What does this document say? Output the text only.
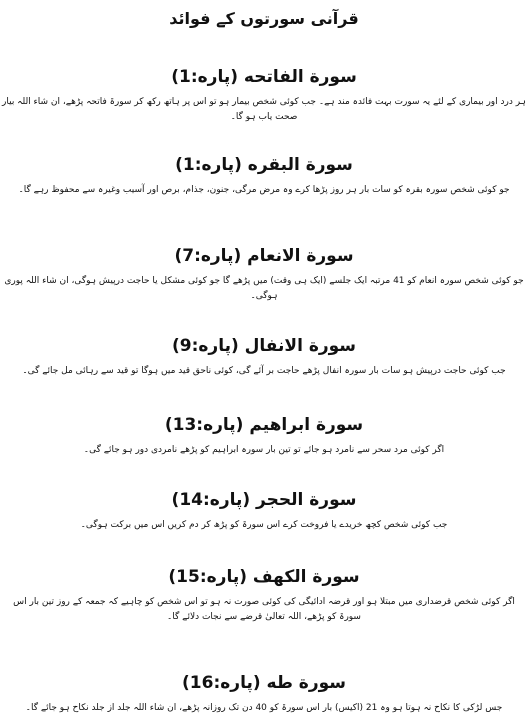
قرآنی سورتوں کے فوائد
سورة الفاتحه (پاره:1)

ہر درد اور بیماری کے لئے یہ سورت بہت فائدہ مند ہے۔ جب کوئی شخص بیمار ہو تو اس پر ہاتھ رکھ کر سورۃ فاتحہ پڑھے، ان شاء اللہ بیار صحت یاب ہو گا۔

سورة البقره (پاره:1)

جو کوئی شخص سورہ بقرہ کو سات بار ہر روز پڑھا کرے وہ مرض مرگی، جنون، جذام، برص اور آسیب وغیرہ سے محفوظ رہے گا۔

سورة الانعام (پاره:7)

جو کوئی شخص سورہ انعام کو 41 مرتبہ ایک جلسے (ایک ہی وقت) میں پڑھے گا جو کوئی مشکل یا حاجت درپیش ہوگی، ان شاء اللہ پوری ہوگی۔

سورة الانفال (پاره:9)

جب کوئی حاجت درپیش ہو سات بار سورہ انفال پڑھے حاجت بر آئے گی، کوئی ناحق قید میں ہوگا تو قید سے رہائی مل جائے گی۔

سورة ابراهيم (پاره:13)

اگر کوئی مرد سحر سے نامرد ہو جائے تو تین بار سورہ ابراہیم کو پڑھے نامردی دور ہو جائے گی۔

سورة الحجر (پاره:14)

جب کوئی شخص کچھ خریدے یا فروخت کرے اس سورۃ کو پڑھ کر دم کریں اس میں برکت ہوگی۔

سورة الكهف (پاره:15)

اگر کوئی شخص قرضداری میں مبتلا ہو اور قرضہ ادائیگی کی کوئی صورت نہ ہو تو اس شخص کو چاہیے کہ جمعہ کے روز تین بار اس سورۃ کو پڑھے، اللہ تعالیٰ قرضے سے نجات دلائے گا۔

سورة طه (پاره:16)

جس لڑکی کا نکاح نہ ہوتا ہو وہ 21 (اکیس) بار اس سورۃ کو 40 دن تک روزانہ پڑھے، ان شاء اللہ جلد از جلد نکاح ہو جائے گا۔
